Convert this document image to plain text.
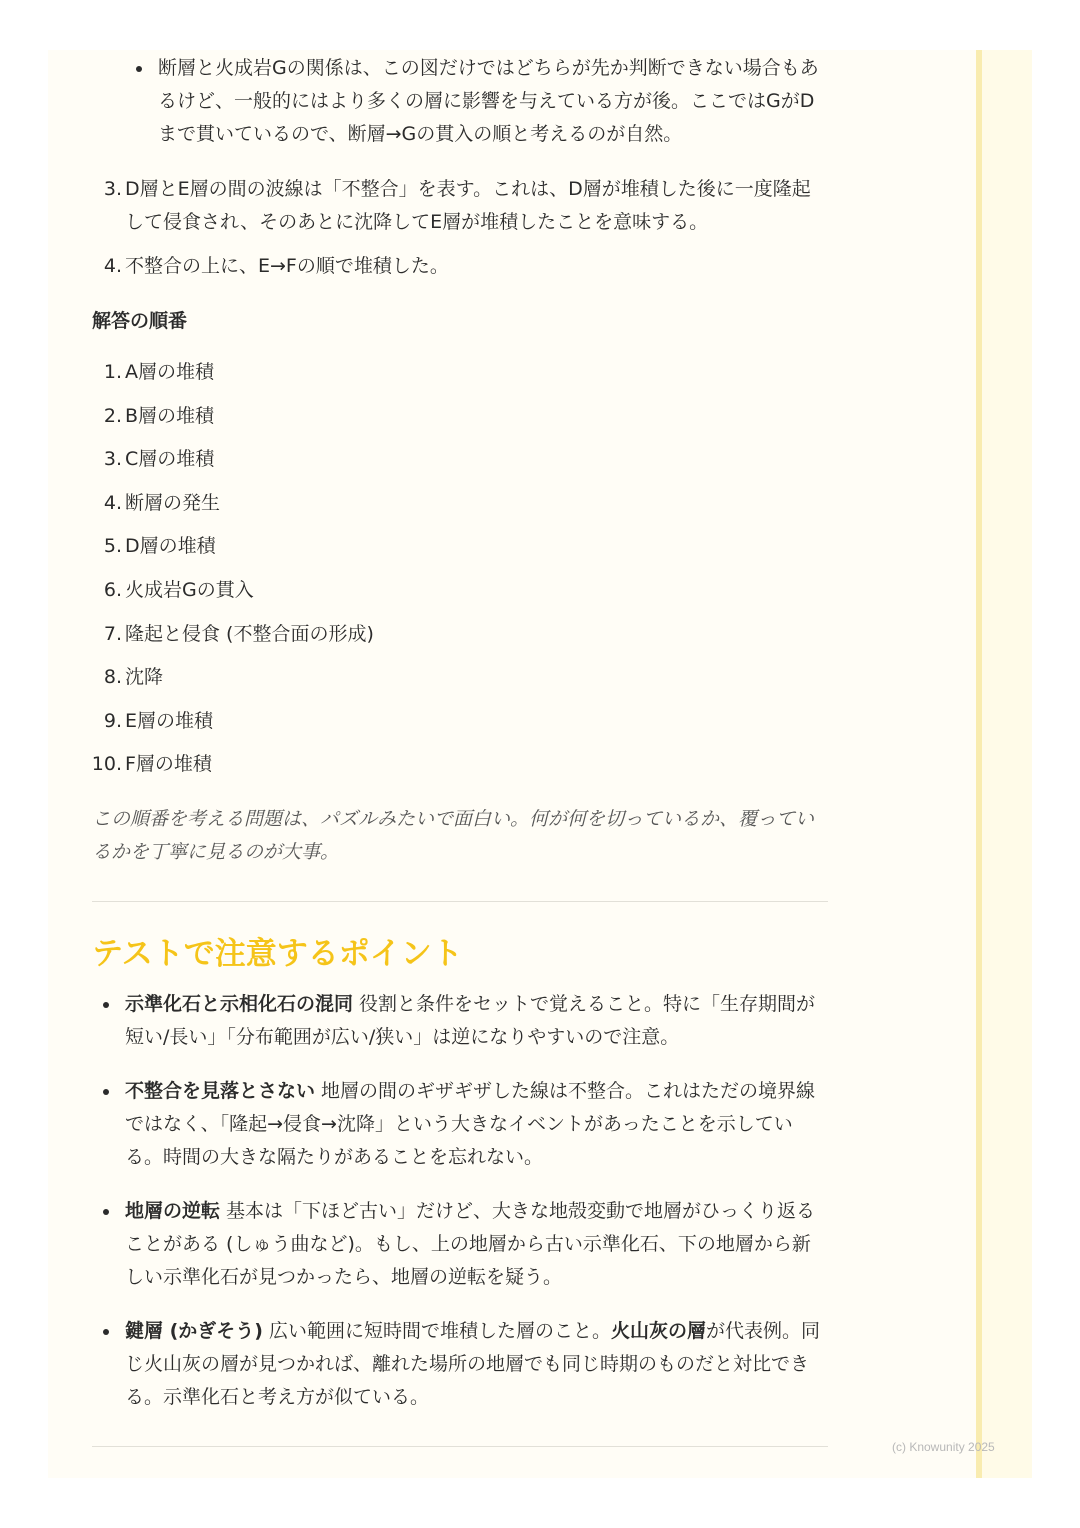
断層と火成岩Gの関係は、この図だけではどちらが先か判断できない場合もあるけど、一般的にはより多くの層に影響を与えている方が後。ここではGがDまで貫いているので、断層→Gの貫入の順と考えるのが自然。
3. D層とE層の間の波線は「不整合」を表す。これは、D層が堆積した後に一度隆起して侵食され、そのあとに沈降してE層が堆積したことを意味する。
4. 不整合の上に、E→Fの順で堆積した。
解答の順番
1. A層の堆積
2. B層の堆積
3. C層の堆積
4. 断層の発生
5. D層の堆積
6. 火成岩Gの貫入
7. 隆起と侵食 (不整合面の形成)
8. 沈降
9. E層の堆積
10. F層の堆積
この順番を考える問題は、パズルみたいで面白い。何が何を切っているか、覆っているかを丁寧に見るのが大事。
テストで注意するポイント
示準化石と示相化石の混同 役割と条件をセットで覚えること。特に「生存期間が短い/長い」「分布範囲が広い/狭い」は逆になりやすいので注意。
不整合を見落とさない 地層の間のギザギザした線は不整合。これはただの境界線ではなく、「隆起→侵食→沈降」という大きなイベントがあったことを示している。時間の大きな隔たりがあることを忘れない。
地層の逆転 基本は「下ほど古い」だけど、大きな地殻変動で地層がひっくり返ることがある (しゅう曲など)。もし、上の地層から古い示準化石、下の地層から新しい示準化石が見つかったら、地層の逆転を疑う。
鍵層 (かぎそう) 広い範囲に短時間で堆積した層のこと。火山灰の層が代表例。同じ火山灰の層が見つかれば、離れた場所の地層でも同じ時期のものだと対比できる。示準化石と考え方が似ている。
(c) Knowunity 2025
